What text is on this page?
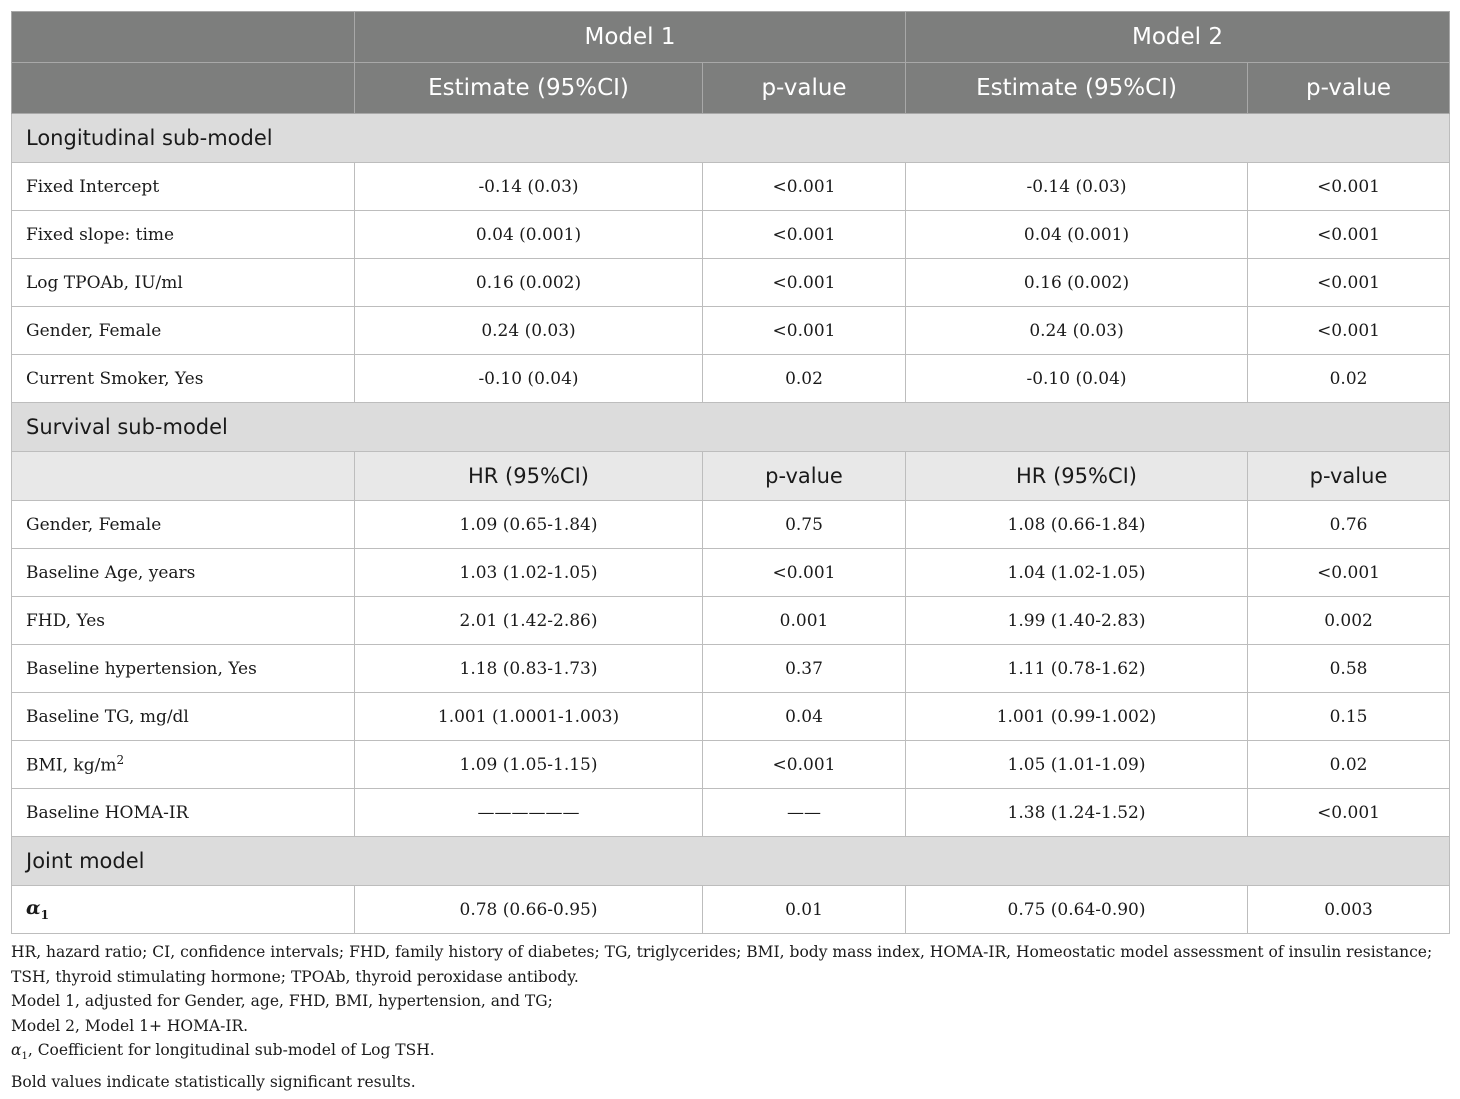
	Model 1		Model 2	
	Estimate (95%CI)	p-value	Estimate (95%CI)	p-value
Longitudinal sub-model				
Fixed Intercept	-0.14 (0.03)	<0.001	-0.14 (0.03)	<0.001
Fixed slope: time	0.04 (0.001)	<0.001	0.04 (0.001)	<0.001
Log TPOAb, IU/ml	0.16 (0.002)	<0.001	0.16 (0.002)	<0.001
Gender, Female	0.24 (0.03)	<0.001	0.24 (0.03)	<0.001
Current Smoker, Yes	-0.10 (0.04)	0.02	-0.10 (0.04)	0.02
Survival sub-model				
	HR (95%CI)	p-value	HR (95%CI)	p-value
Gender, Female	1.09 (0.65-1.84)	0.75	1.08 (0.66-1.84)	0.76
Baseline Age, years	1.03 (1.02-1.05)	<0.001	1.04 (1.02-1.05)	<0.001
FHD, Yes	2.01 (1.42-2.86)	0.001	1.99 (1.40-2.83)	0.002
Baseline hypertension, Yes	1.18 (0.83-1.73)	0.37	1.11 (0.78-1.62)	0.58
Baseline TG, mg/dl	1.001 (1.0001-1.003)	0.04	1.001 (0.99-1.002)	0.15
BMI, $kg/m^2$	1.09 (1.05-1.15)	<0.001	1.05 (1.01-1.09)	0.02
Baseline HOMA-IR	——————	——	1.38 (1.24-1.52)	<0.001
Joint model				
$\alpha_1$	0.78 (0.66-0.95)	0.01	0.75 (0.64-0.90)	0.003

HR, hazard ratio; CI, confidence intervals; FHD, family history of diabetes; TG, triglycerides; BMI, body mass index, HOMA-IR, Homeostatic model assessment of insulin resistance; TSH, thyroid stimulating hormone; TPOAb, thyroid peroxidase antibody.

Model 1, adjusted for Gender, age, FHD, BMI, hypertension, and TG;

Model 2, Model 1+ HOMA-IR.

$\alpha_1$, Coefficient for longitudinal sub-model of Log TSH.

Bold values indicate statistically significant results.
